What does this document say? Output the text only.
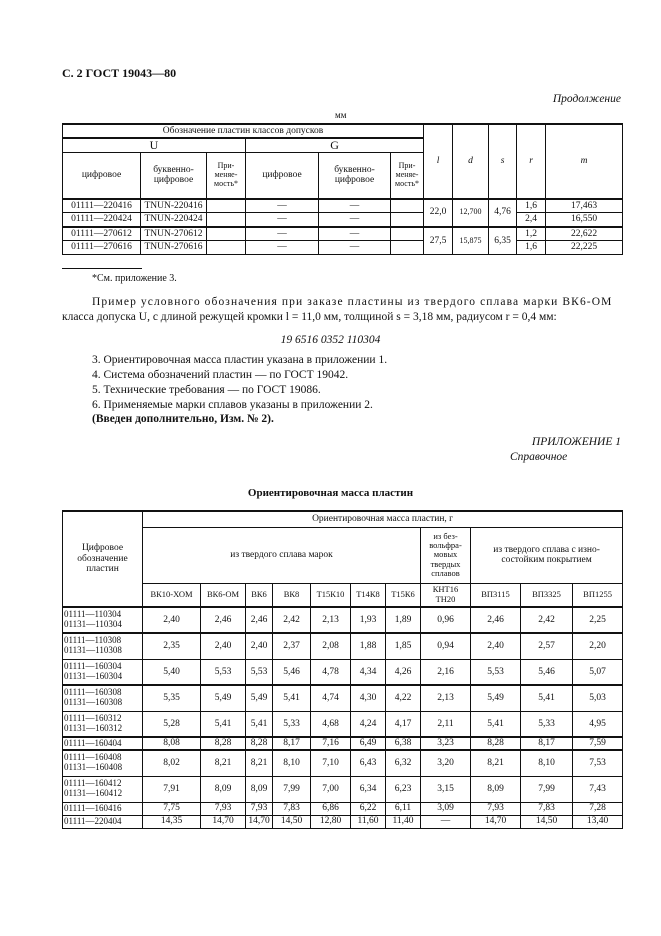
С. 2 ГОСТ 19043—80
Продолжение
мм
Обозначение пластин классов допусков						l	d	s	r	m
U			G							
цифровое	буквенно-цифровое	При-меняе-мость*	цифровое	буквенно-цифровое	При-меняе-мость*					
01111—220416	TNUN-220416		—	—		22,0	12,700	4,76	1,6	17,463
01111—220424	TNUN-220424		—	—					2,4	16,550
01111—270612	TNUN-270612		—	—		27,5	15,875	6,35	1,2	22,622
01111—270616	TNUN-270616		—	—					1,6	22,225
*См. приложение 3.
Пример условного обозначения при заказе пластины из твердого сплава марки ВК6-ОМ
класса допуска U, с длиной режущей кромки l = 11,0 мм, толщиной s = 3,18 мм, радиусом r = 0,4 мм:
19 6516 0352 110304
3. Ориентировочная масса пластин указана в приложении 1.
4. Система обозначений пластин — по ГОСТ 19042.
5. Технические требования — по ГОСТ 19086.
6. Применяемые марки сплавов указаны в приложении 2.
(Введен дополнительно, Изм. № 2).
ПРИЛОЖЕНИЕ 1
Справочное
Ориентировочная масса пластин
Цифровое обозначение пластин	Ориентировочная масса пластин, г										
	из твердого сплава марок							из без-вольфра-мовых твердых сплавов	из твердого сплава с изно-состойким покрытием		
	ВК10-ХОМ	ВК6-ОМ	ВК6	ВК8	Т15К10	Т14К8	Т15К6	КНТ16 ТН20	ВП3115	ВП3325	ВП1255

01111—110304
01131—110304	2,40	2,46	2,46	2,42	2,13	1,93	1,89	0,96	2,46	2,42	2,25

01111—110308
01131—110308	2,35	2,40	2,40	2,37	2,08	1,88	1,85	0,94	2,40	2,57	2,20

01111—160304
01131—160304	5,40	5,53	5,53	5,46	4,78	4,34	4,26	2,16	5,53	5,46	5,07

01111—160308
01131—160308	5,35	5,49	5,49	5,41	4,74	4,30	4,22	2,13	5,49	5,41	5,03

01111—160312
01131—160312	5,28	5,41	5,41	5,33	4,68	4,24	4,17	2,11	5,41	5,33	4,95

01111—160404	8,08	8,28	8,28	8,17	7,16	6,49	6,38	3,23	8,28	8,17	7,59

01111—160408
01131—160408	8,02	8,21	8,21	8,10	7,10	6,43	6,32	3,20	8,21	8,10	7,53

01111—160412
01131—160412	7,91	8,09	8,09	7,99	7,00	6,34	6,23	3,15	8,09	7,99	7,43

01111—160416	7,75	7,93	7,93	7,83	6,86	6,22	6,11	3,09	7,93	7,83	7,28

01111—220404	14,35	14,70	14,70	14,50	12,80	11,60	11,40	—	14,70	14,50	13,40
